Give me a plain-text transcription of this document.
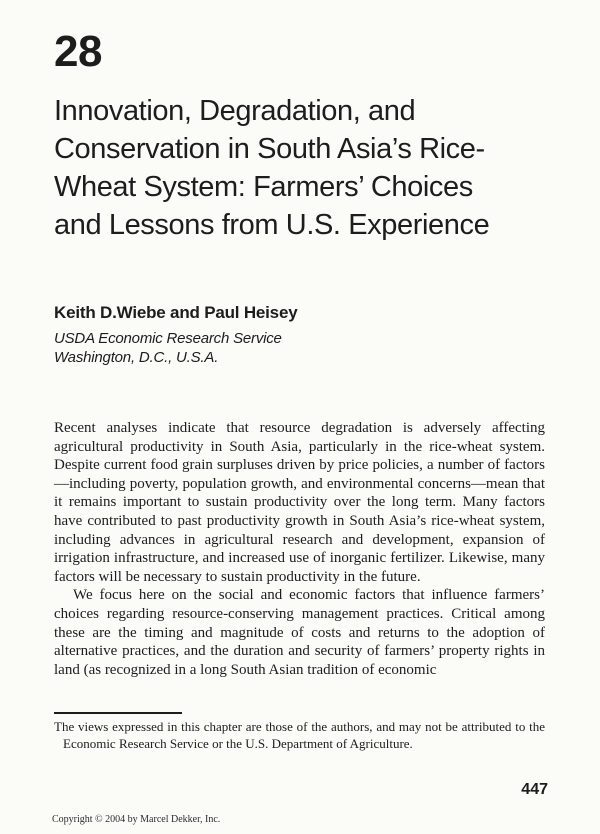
28
Innovation, Degradation, and Conservation in South Asia’s Rice-Wheat System: Farmers’ Choices and Lessons from U.S. Experience
Keith D.Wiebe and Paul Heisey
USDA Economic Research Service
Washington, D.C., U.S.A.

Recent analyses indicate that resource degradation is adversely affecting agricultural productivity in South Asia, particularly in the rice-wheat system. Despite current food grain surpluses driven by price policies, a number of factors—including poverty, population growth, and environmental concerns—mean that it remains important to sustain productivity over the long term. Many factors have contributed to past productivity growth in South Asia’s rice-wheat system, including advances in agricultural research and development, expansion of irrigation infrastructure, and increased use of inorganic fertilizer. Likewise, many factors will be necessary to sustain productivity in the future.

We focus here on the social and economic factors that influence farmers’ choices regarding resource-conserving management practices. Critical among these are the timing and magnitude of costs and returns to the adoption of alternative practices, and the duration and security of farmers’ property rights in land (as recognized in a long South Asian tradition of economic

The views expressed in this chapter are those of the authors, and may not be attributed to the Economic Research Service or the U.S. Department of Agriculture.

447
Copyright © 2004 by Marcel Dekker, Inc.
